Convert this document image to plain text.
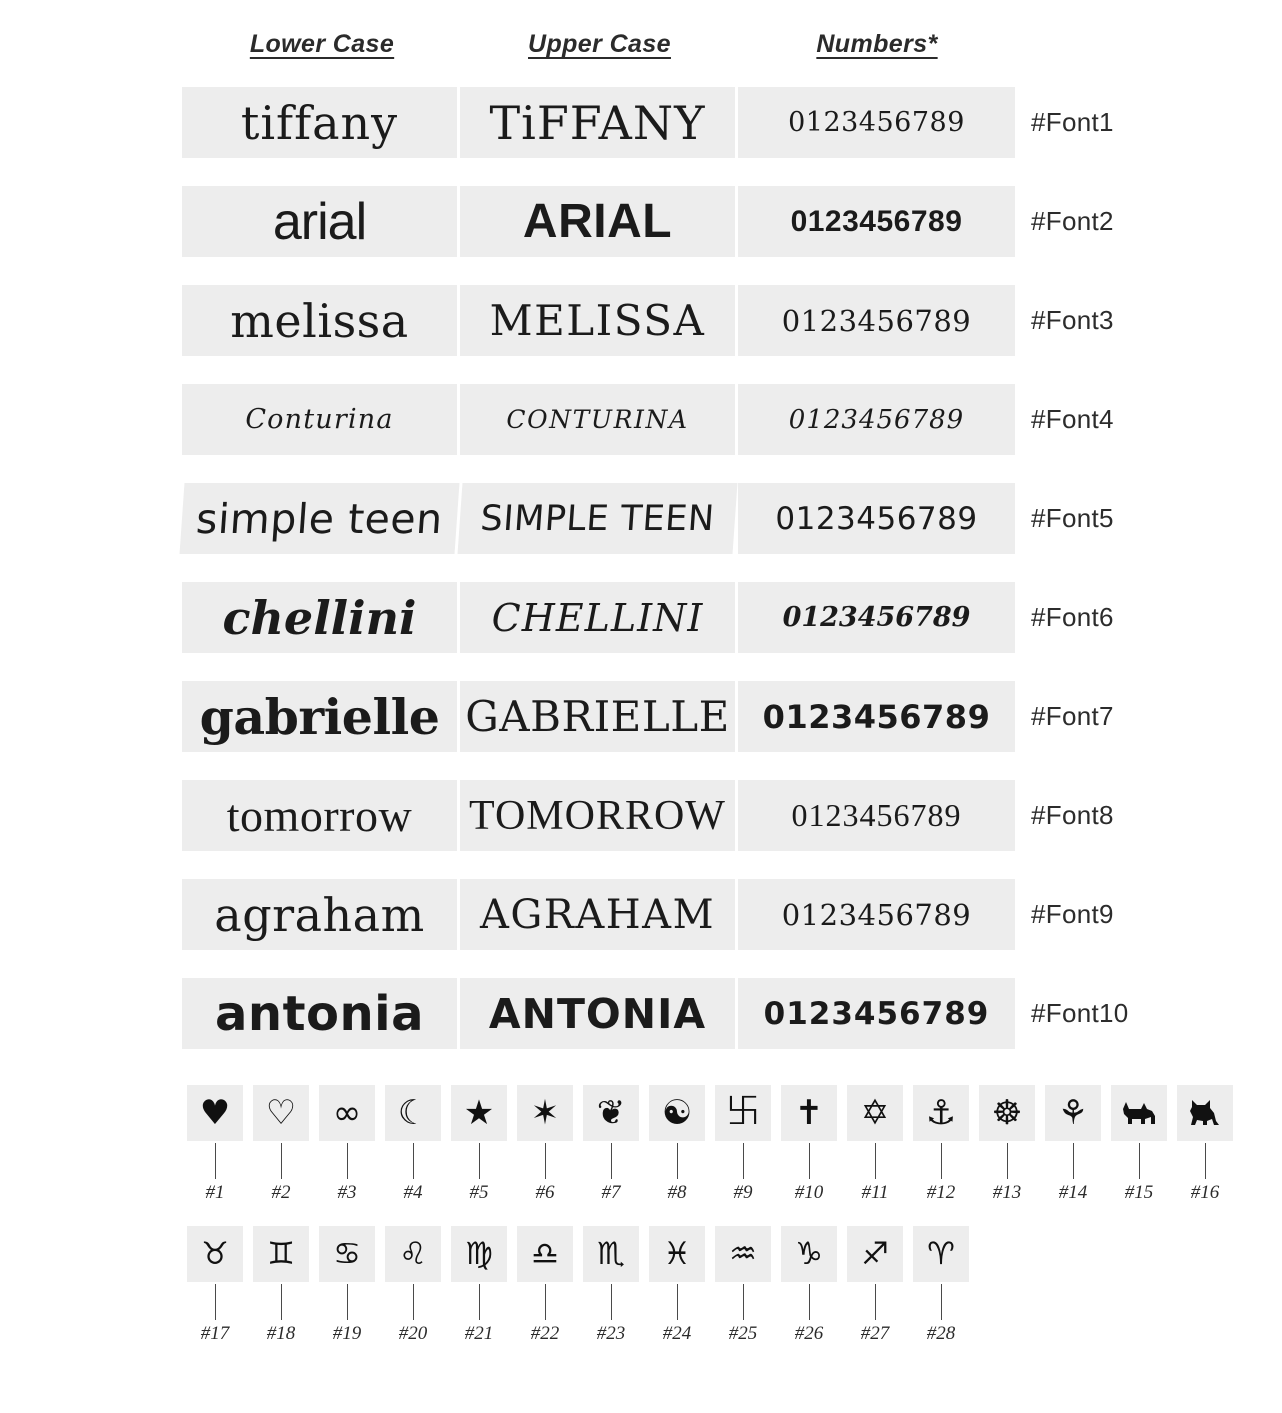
Lower Case	Upper Case	Numbers*
tiffany	TiFFANY	0123456789	#Font1
arial	ARIAL	0123456789	#Font2
melissa	MELISSA	0123456789	#Font3
Conturina	CONTURINA	0123456789	#Font4
simple teen SIMPLE TEEN	0123456789	#Font5
chellini	CHELLINI	0123456789	#Font6
gabrielle GABRIELLE	0123456789	#Font7
tomorrow	TOMORROW	0123456789	#Font8
agraham	AGRAHAM	0123456789	#Font9
antonia	ANTONIA	0123456789	#Font10
♥
#1
♡
#2
∞
#3
☾
#4
★
#5
✶
#6
❦
#7
☯
#8
࿕
#9
✝
#10
✡
#11
⚓
#12
☸
#13
⚘
#14 #15 #16
♉
#17
♊
#18
♋
#19
♌
#20
♍
#21
♎
#22
♏
#23
♓
#24
♒
#25
♑
#26
♐
#27
♈
#28
